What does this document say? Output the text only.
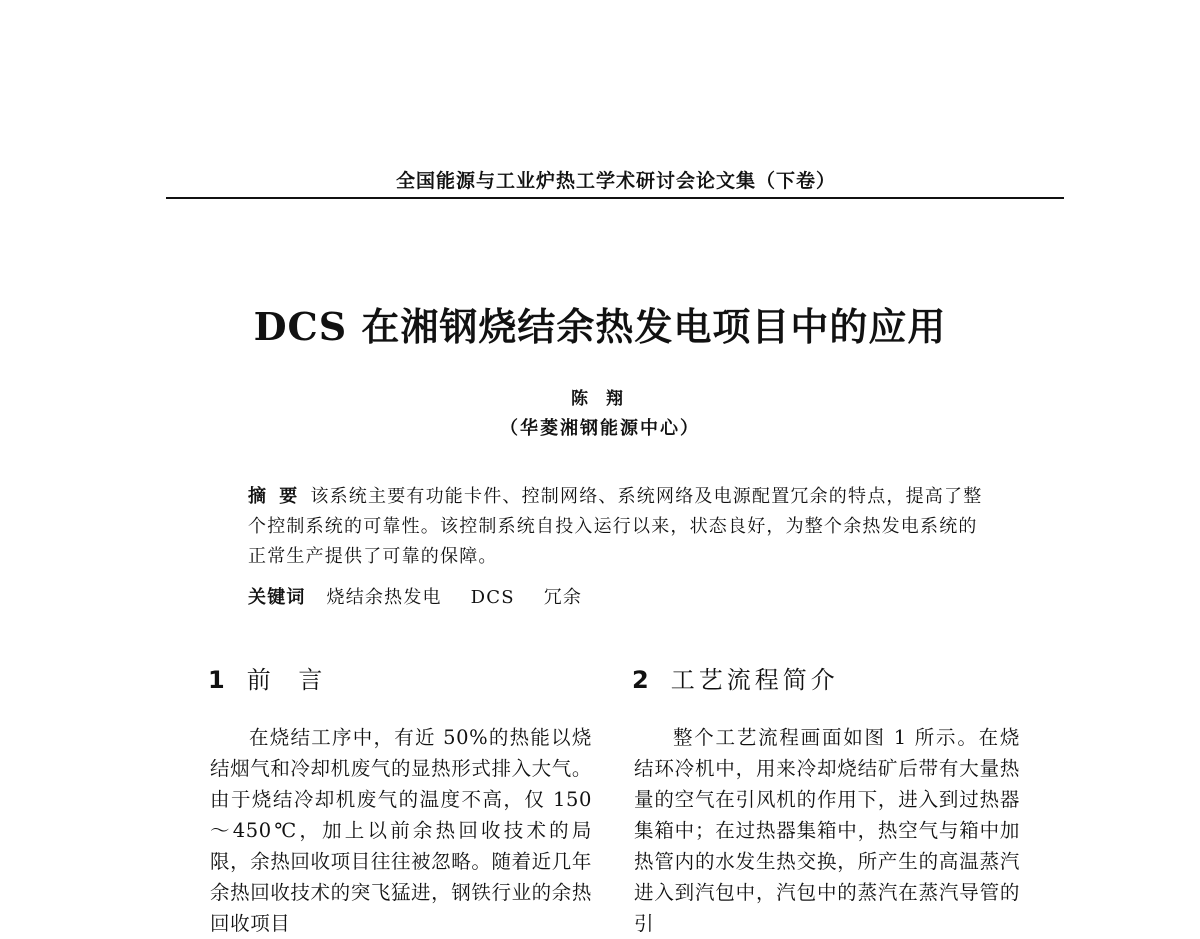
全国能源与工业炉热工学术研讨会论文集（下卷）
DCS 在湘钢烧结余热发电项目中的应用
陈 翔
（华菱湘钢能源中心）
摘 要 该系统主要有功能卡件、控制网络、系统网络及电源配置冗余的特点，提高了整个控制系统的可靠性。该控制系统自投入运行以来，状态良好，为整个余热发电系统的正常生产提供了可靠的保障。
关键词 烧结余热发电 DCS 冗余
1 前 言	2 工艺流程简介
在烧结工序中，有近 50%的热能以烧结烟气和冷却机废气的显热形式排入大气。由于烧结冷却机废气的温度不高，仅 150～450℃，加上以前余热回收技术的局限，余热回收项目往往被忽略。随着近几年余热回收技术的突飞猛进，钢铁行业的余热回收项目
整个工艺流程画面如图 1 所示。在烧结环冷机中，用来冷却烧结矿后带有大量热量的空气在引风机的作用下，进入到过热器集箱中；在过热器集箱中，热空气与箱中加热管内的水发生热交换，所产生的高温蒸汽进入到汽包中，汽包中的蒸汽在蒸汽导管的引
